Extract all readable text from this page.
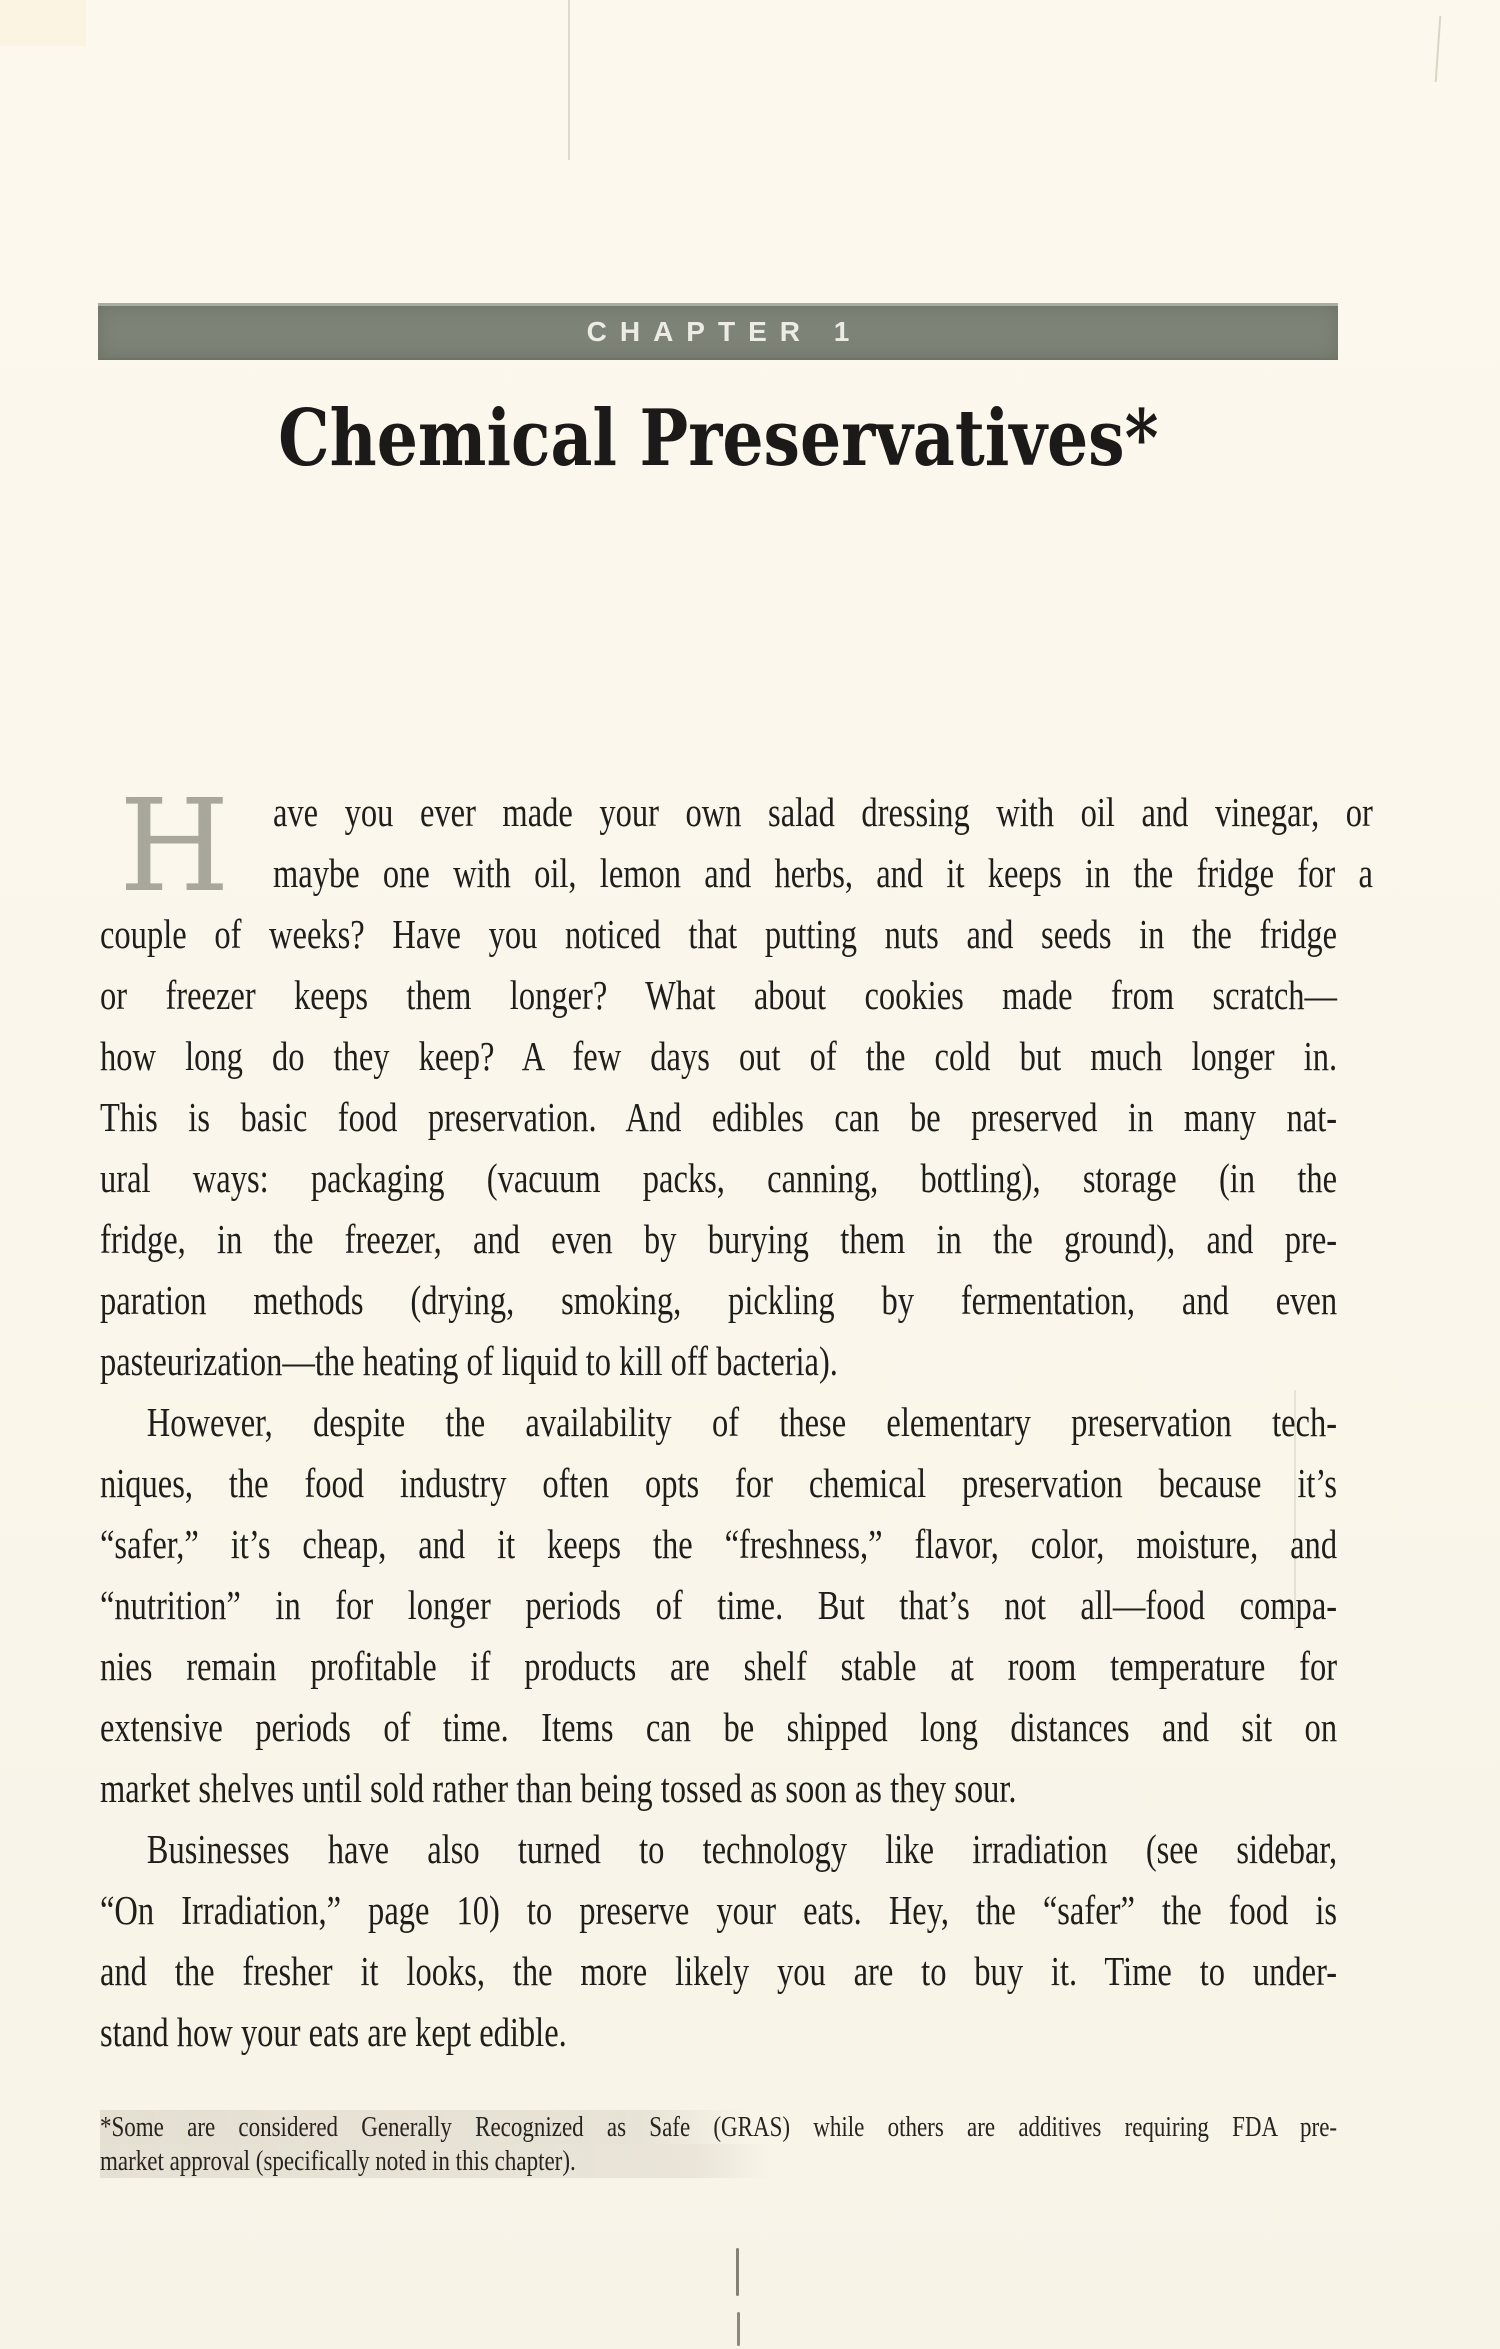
CHAPTER 1
Chemical Preservatives*
H ave you ever made your own salad dressing with oil and vinegar, or
maybe one with oil, lemon and herbs, and it keeps in the fridge for a
couple of weeks? Have you noticed that putting nuts and seeds in the fridge
or freezer keeps them longer? What about cookies made from scratch—
how long do they keep? A few days out of the cold but much longer in.
This is basic food preservation. And edibles can be preserved in many nat-
ural ways: packaging (vacuum packs, canning, bottling), storage (in the
fridge, in the freezer, and even by burying them in the ground), and pre-
paration methods (drying, smoking, pickling by fermentation, and even
pasteurization—the heating of liquid to kill off bacteria).
However, despite the availability of these elementary preservation tech-
niques, the food industry often opts for chemical preservation because it’s
“safer,” it’s cheap, and it keeps the “freshness,” flavor, color, moisture, and
“nutrition” in for longer periods of time. But that’s not all—food compa-
nies remain profitable if products are shelf stable at room temperature for
extensive periods of time. Items can be shipped long distances and sit on
market shelves until sold rather than being tossed as soon as they sour.
Businesses have also turned to technology like irradiation (see sidebar,
“On Irradiation,” page 10) to preserve your eats. Hey, the “safer” the food is
and the fresher it looks, the more likely you are to buy it. Time to under-
stand how your eats are kept edible.
*Some are considered Generally Recognized as Safe (GRAS) while others are additives requiring FDA pre-
market approval (specifically noted in this chapter).
